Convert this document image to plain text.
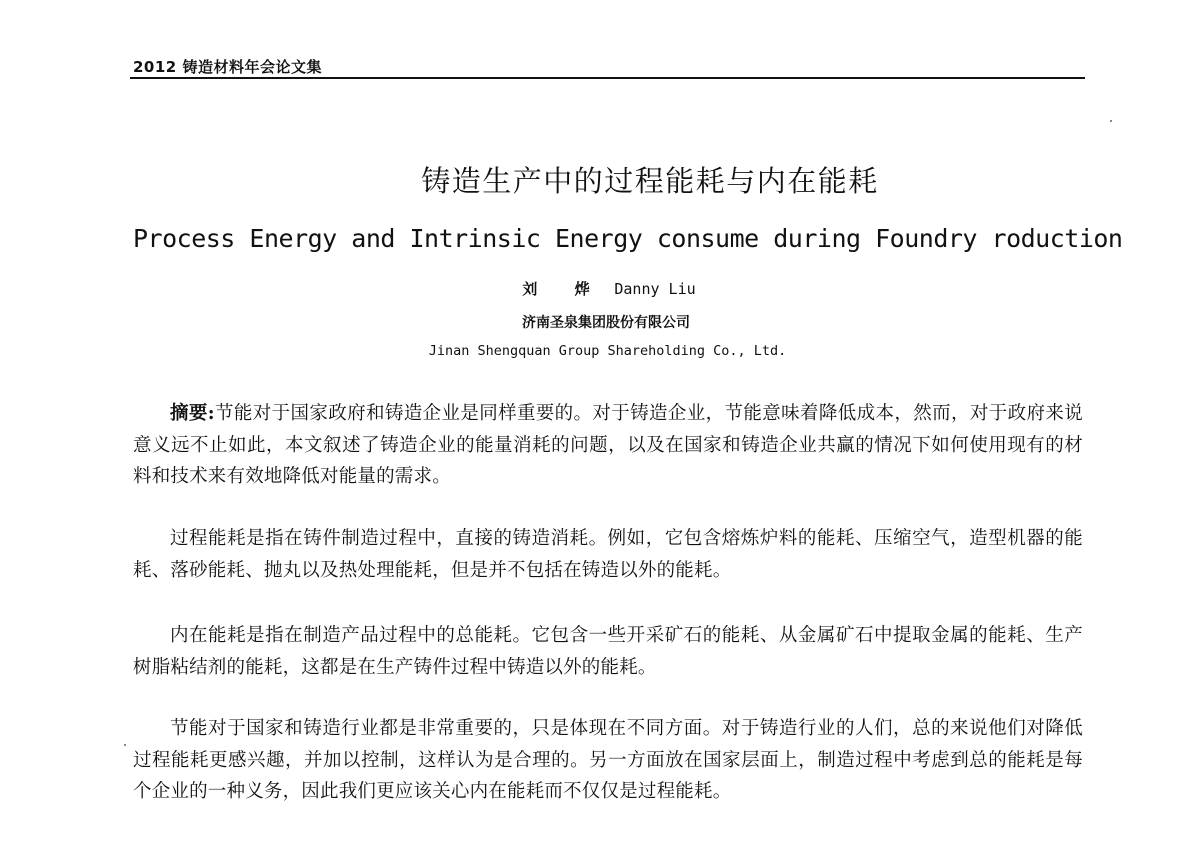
2012 铸造材料年会论文集
铸造生产中的过程能耗与内在能耗
Process Energy and Intrinsic Energy consume during Foundry roduction
刘 烨 Danny Liu
济南圣泉集团股份有限公司
Jinan Shengquan Group Shareholding Co., Ltd.

摘要:节能对于国家政府和铸造企业是同样重要的。对于铸造企业，节能意味着降低成本，然而，对于政府来说意义远不止如此，本文叙述了铸造企业的能量消耗的问题，以及在国家和铸造企业共赢的情况下如何使用现有的材料和技术来有效地降低对能量的需求。

过程能耗是指在铸件制造过程中，直接的铸造消耗。例如，它包含熔炼炉料的能耗、压缩空气，造型机器的能耗、落砂能耗、抛丸以及热处理能耗，但是并不包括在铸造以外的能耗。

内在能耗是指在制造产品过程中的总能耗。它包含一些开采矿石的能耗、从金属矿石中提取金属的能耗、生产树脂粘结剂的能耗，这都是在生产铸件过程中铸造以外的能耗。

节能对于国家和铸造行业都是非常重要的，只是体现在不同方面。对于铸造行业的人们，总的来说他们对降低过程能耗更感兴趣，并加以控制，这样认为是合理的。另一方面放在国家层面上，制造过程中考虑到总的能耗是每个企业的一种义务，因此我们更应该关心内在能耗而不仅仅是过程能耗。
